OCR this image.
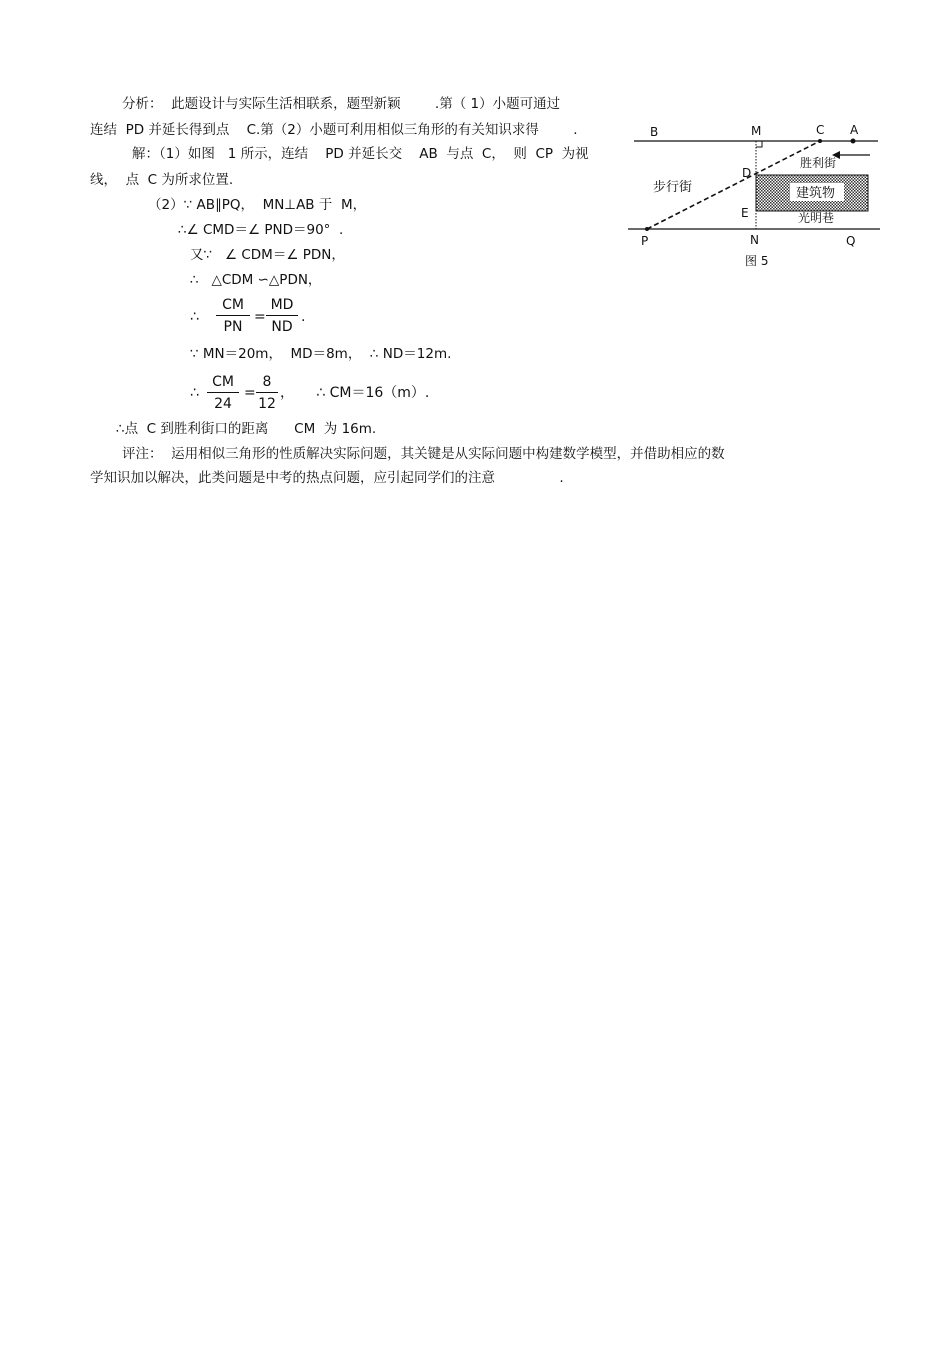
分析：  此题设计与实际生活相联系，题型新颖        .第（ 1）小题可通过
连结  PD 并延长得到点    C.第（2）小题可利用相似三角形的有关知识求得        .
解：（1）如图   1 所示，连结    PD 并延长交    AB  与点  C，  则  CP  为视
线，  点  C 为所求位置.
（2）∵ AB∥PQ，  MN⊥AB 于  M，
∴∠ CMD＝∠ PND＝90°  .
又∵   ∠ CDM＝∠ PDN，
∴   △CDM ∽△PDN，
∴
CM
PN
=
MD
ND
.
∵ MN＝20m，  MD＝8m，  ∴ ND＝12m.
∴
CM
24
=
8
12
，     ∴ CM＝16（m）.
∴点  C 到胜利街口的距离      CM  为 16m.
评注：  运用相似三角形的性质解决实际问题，其关键是从实际问题中构建数学模型，并借助相应的数
学知识加以解决，此类问题是中考的热点问题，应引起同学们的注意               .
B	M	C A
D
E
P	N	Q
胜利街
步行街	建筑物
光明巷
图 5
